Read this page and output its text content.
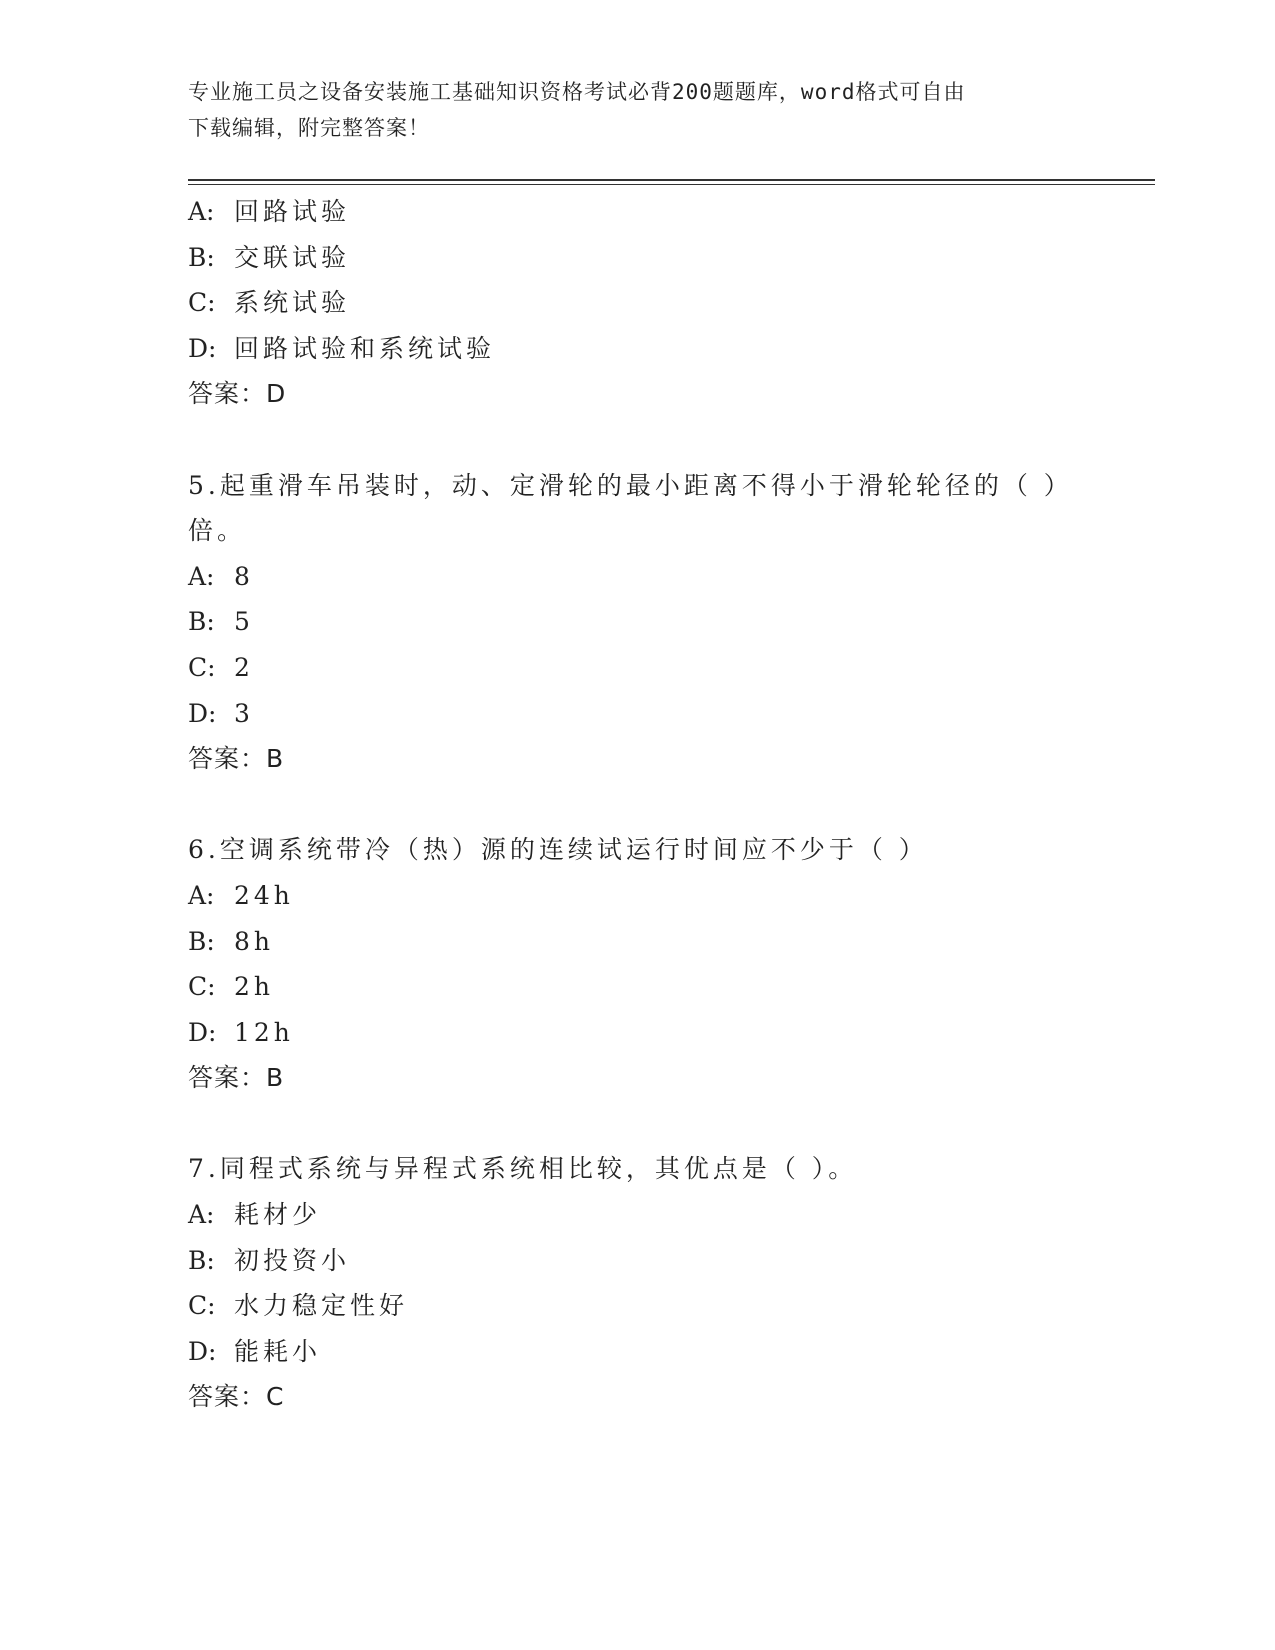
专业施工员之设备安装施工基础知识资格考试必背200题题库，word格式可自由
下载编辑，附完整答案！
A: 回路试验
B: 交联试验
C: 系统试验
D: 回路试验和系统试验
答案：D
5.起重滑车吊装时，动、定滑轮的最小距离不得小于滑轮轮径的（ ）
倍。
A: 8
B: 5
C: 2
D: 3
答案：B
6.空调系统带冷（热）源的连续试运行时间应不少于（ ）
A: 24h
B: 8h
C: 2h
D: 12h
答案：B
7.同程式系统与异程式系统相比较，其优点是（ ）。
A: 耗材少
B: 初投资小
C: 水力稳定性好
D: 能耗小
答案：C
